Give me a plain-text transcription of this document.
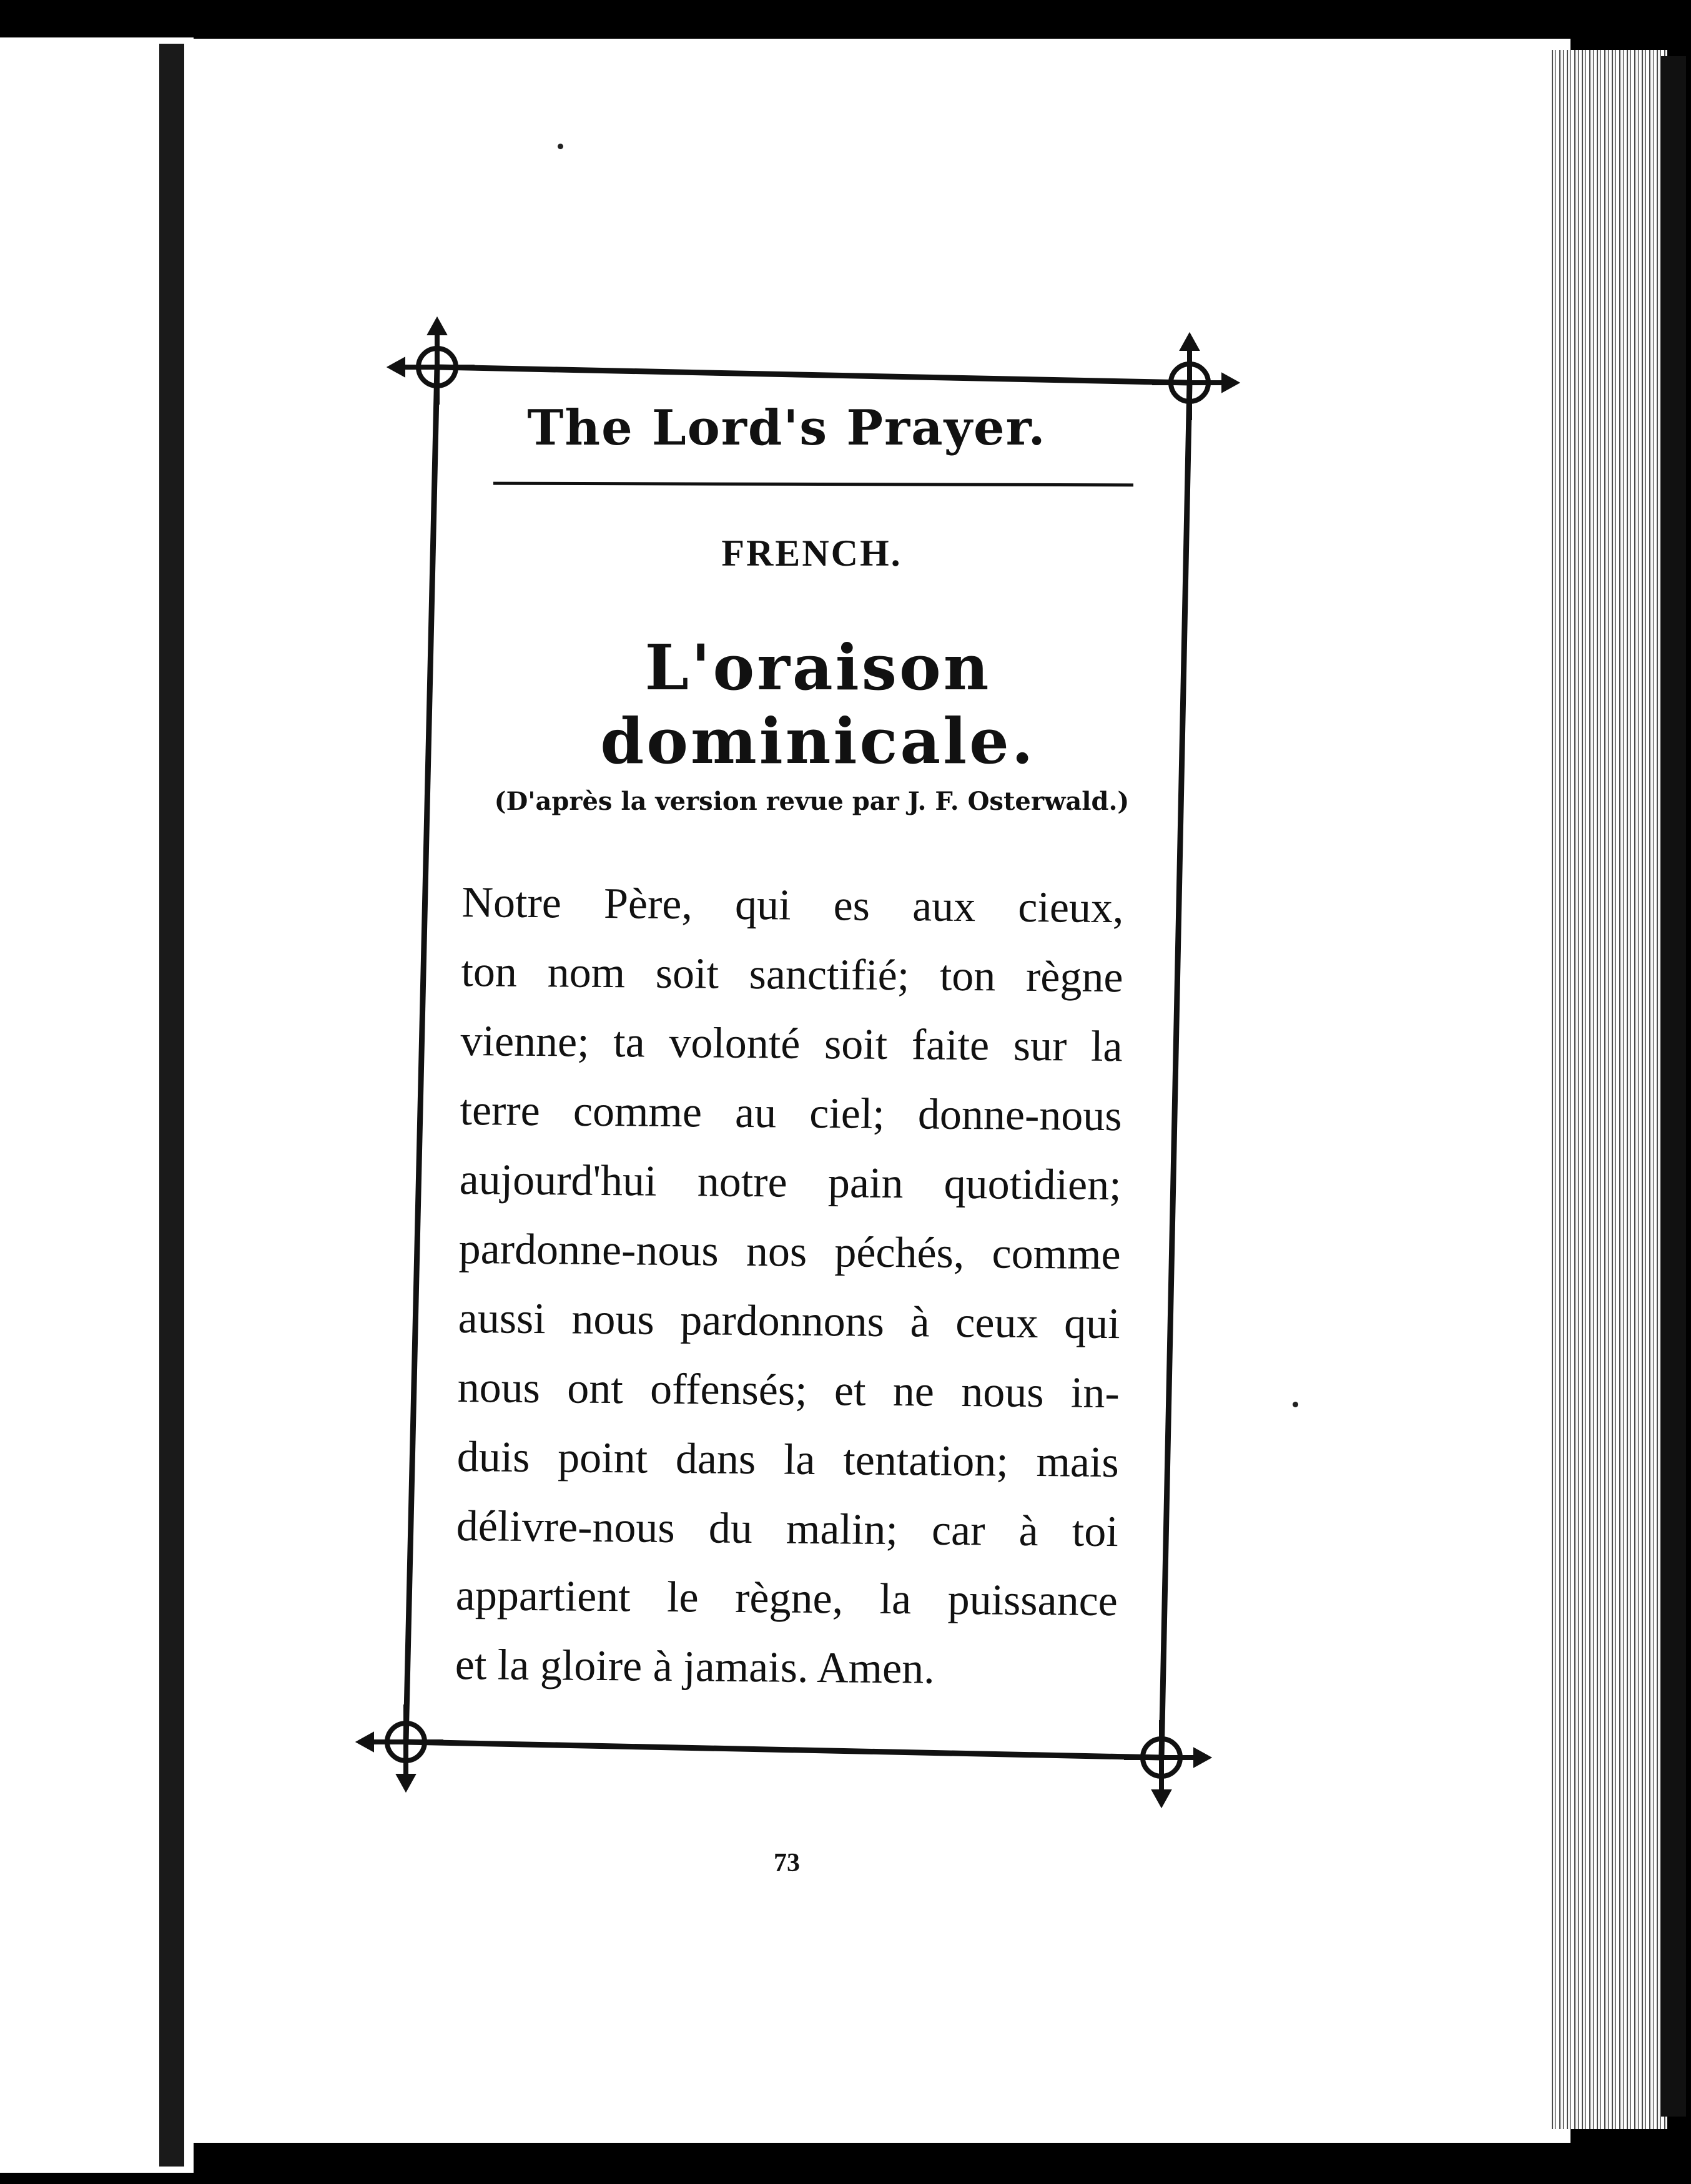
The Lord's Prayer.
FRENCH.
L'oraison dominicale.
(D'après la version revue par J. F. Osterwald.)
Notre Père, qui es aux cieux,
ton nom soit sanctifié; ton règne
vienne; ta volonté soit faite sur la
terre comme au ciel; donne-nous
aujourd'hui notre pain quotidien;
pardonne-nous nos péchés, comme
aussi nous pardonnons à ceux qui
nous ont offensés; et ne nous in-
duis point dans la tentation; mais
délivre-nous du malin; car à toi
appartient le règne, la puissance
et la gloire à jamais. Amen.
73
